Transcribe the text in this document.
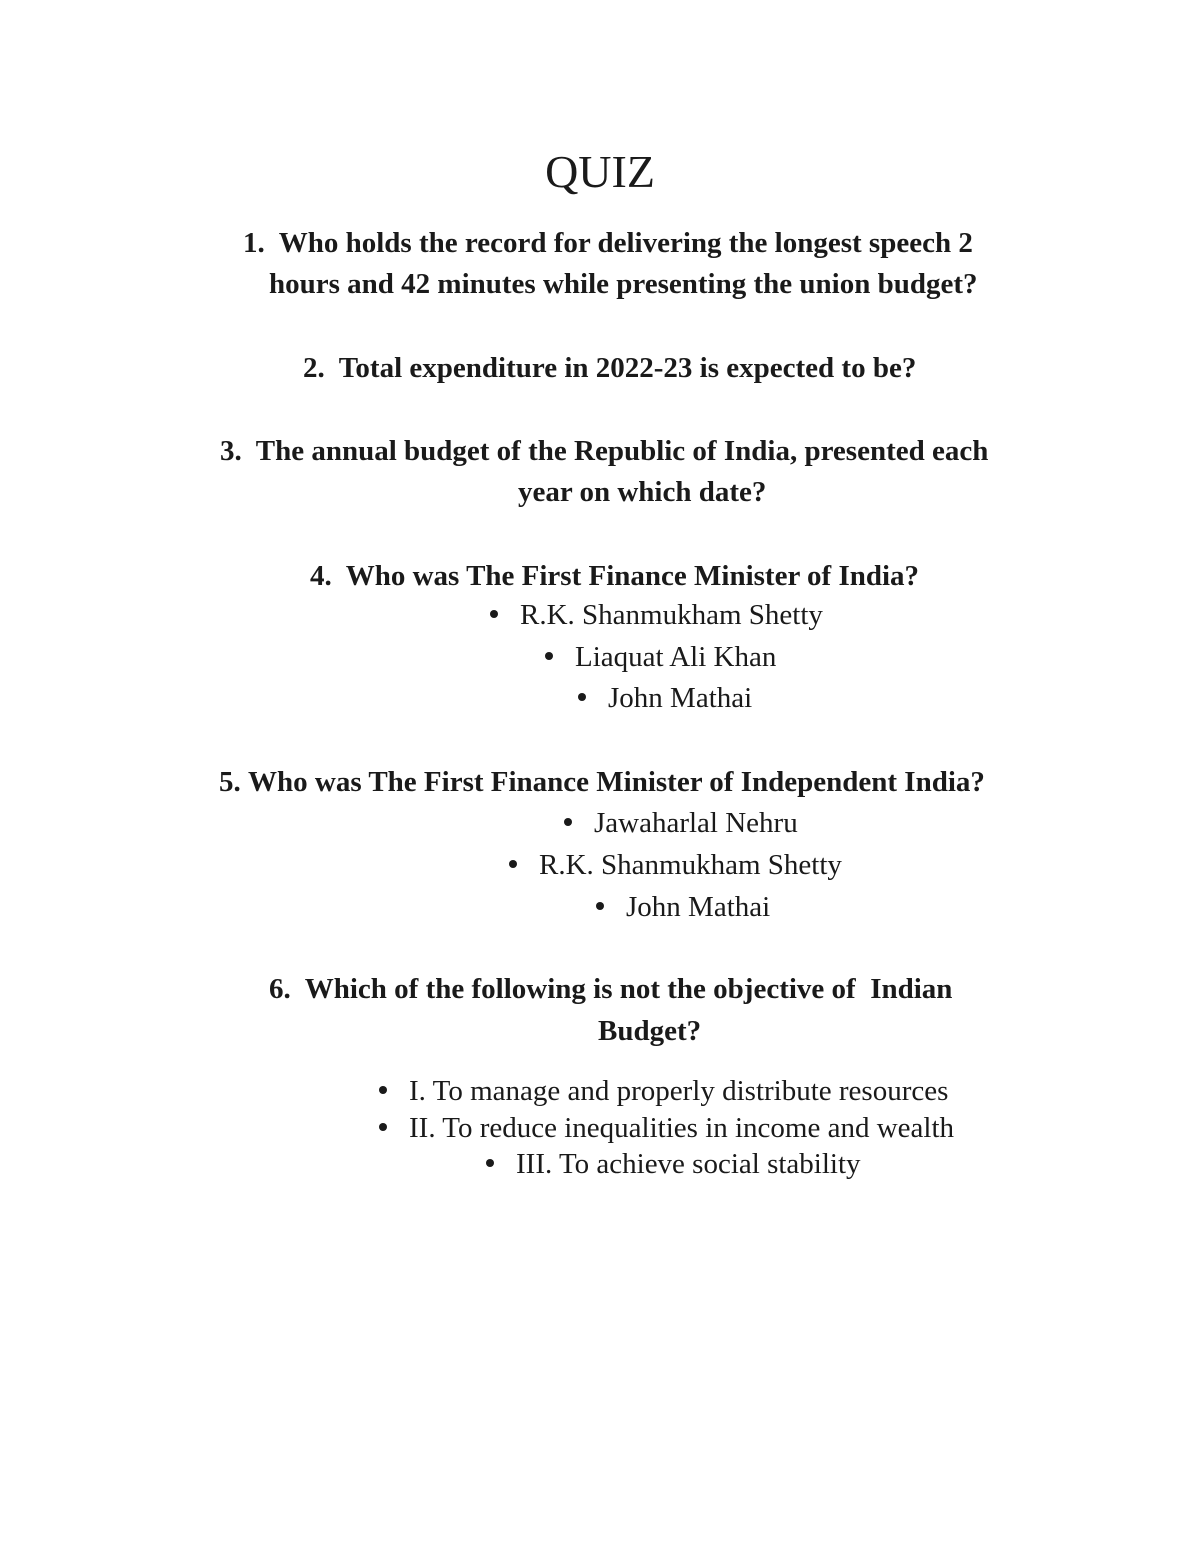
QUIZ
1. Who holds the record for delivering the longest speech 2
hours and 42 minutes while presenting the union budget?
2. Total expenditure in 2022-23 is expected to be?
3. The annual budget of the Republic of India, presented each
year on which date?
4. Who was The First Finance Minister of India?
R.K. Shanmukham Shetty
Liaquat Ali Khan
John Mathai
5. Who was The First Finance Minister of Independent India?
Jawaharlal Nehru
R.K. Shanmukham Shetty
John Mathai
6. Which of the following is not the objective of  Indian
Budget?
I. To manage and properly distribute resources
II. To reduce inequalities in income and wealth
III. To achieve social stability
